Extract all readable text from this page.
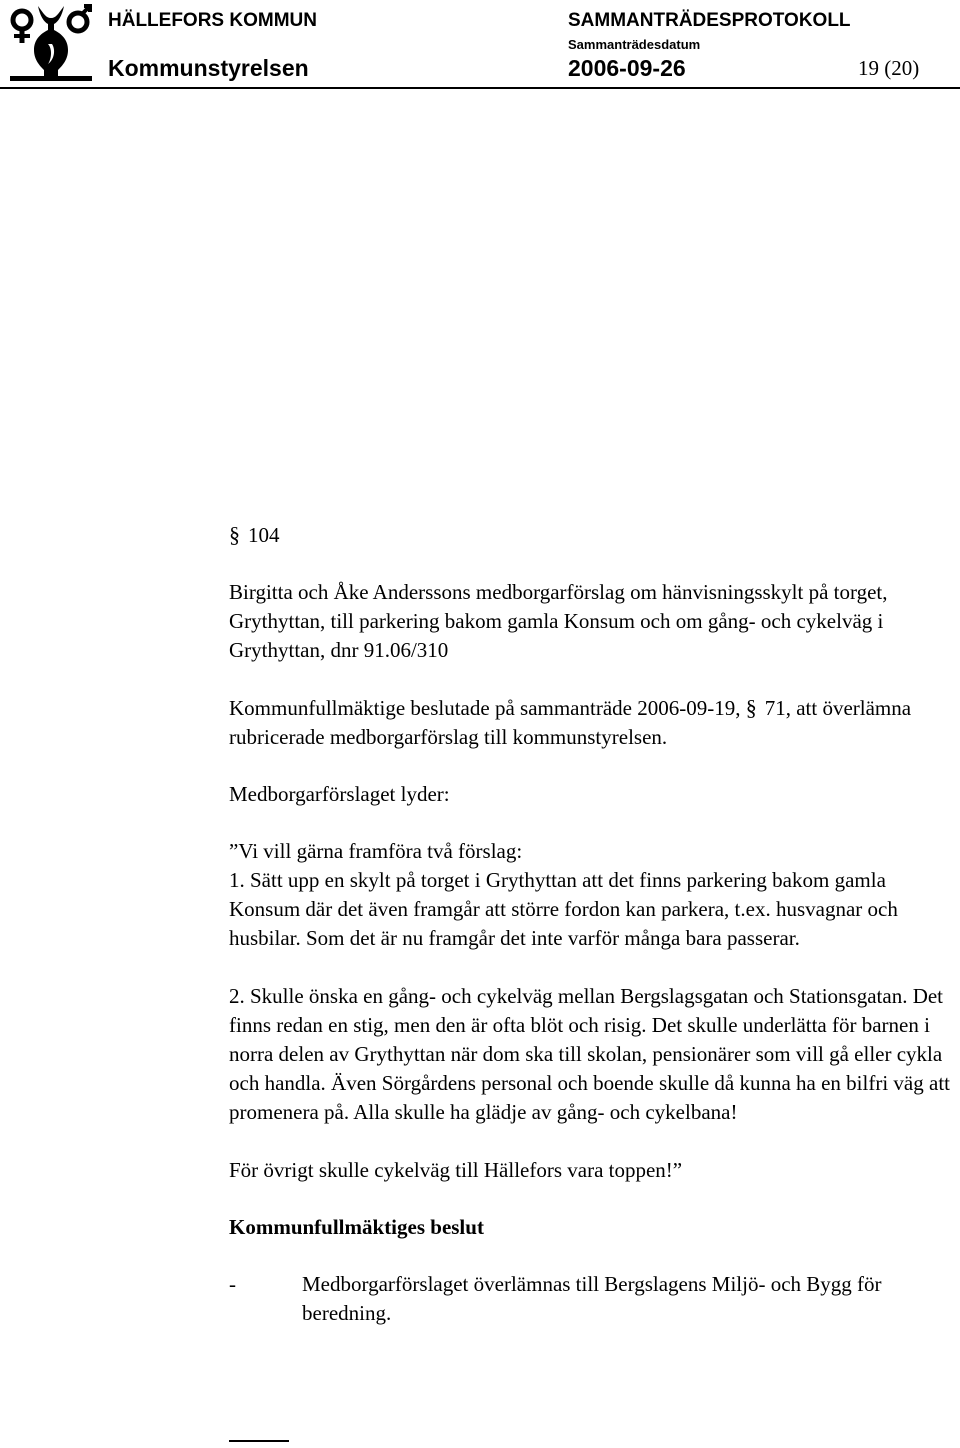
HÄLLEFORS KOMMUN	SAMMANTRÄDESPROTOKOLL
Sammanträdesdatum
Kommunstyrelsen	2006-09-26	19 (20)

§ 104

Birgitta och Åke Anderssons medborgarförslag om hänvisningsskylt på torget, Grythyttan, till parkering bakom gamla Konsum och om gång- och cykelväg i Grythyttan, dnr 91.06/310

Kommunfullmäktige beslutade på sammanträde 2006-09-19, § 71, att överlämna rubricerade medborgarförslag till kommunstyrelsen.

Medborgarförslaget lyder:

”Vi vill gärna framföra två förslag:

1. Sätt upp en skylt på torget i Grythyttan att det finns parkering bakom gamla Konsum där det även framgår att större fordon kan parkera, t.ex. husvagnar och husbilar. Som det är nu framgår det inte varför många bara passerar.

2. Skulle önska en gång- och cykelväg mellan Bergslagsgatan och Stationsgatan. Det finns redan en stig, men den är ofta blöt och risig. Det skulle underlätta för barnen i norra delen av Grythyttan när dom ska till skolan, pensionärer som vill gå eller cykla och handla. Även Sörgårdens personal och boende skulle då kunna ha en bilfri väg att promenera på. Alla skulle ha glädje av gång- och cykelbana!

För övrigt skulle cykelväg till Hällefors vara toppen!”

Kommunfullmäktiges beslut

-	Medborgarförslaget överlämnas till Bergslagens Miljö- och Bygg för beredning.
